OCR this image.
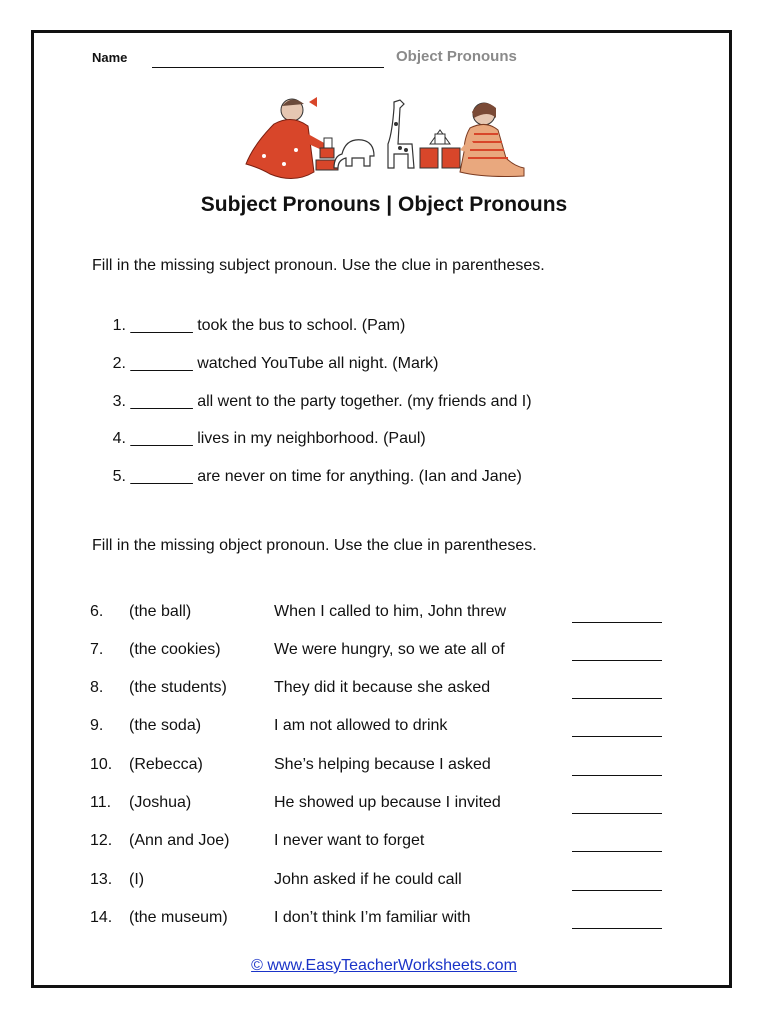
Name	Object Pronouns
Subject Pronouns | Object Pronouns
Fill in the missing subject pronoun. Use the clue in parentheses.
1. _______ took the bus to school. (Pam)
2. _______ watched YouTube all night. (Mark)
3. _______ all went to the party together. (my friends and I)
4. _______ lives in my neighborhood. (Paul)
5. _______ are never on time for anything. (Ian and Jane)
Fill in the missing object pronoun. Use the clue in parentheses.
6. (the ball)	When I called to him, John threw
7. (the cookies)	We were hungry, so we ate all of
8. (the students)	They did it because she asked
9. (the soda)	I am not allowed to drink
10. (Rebecca)	She’s helping because I asked
11. (Joshua)	He showed up because I invited
12. (Ann and Joe)	I never want to forget
13. (I)	John asked if he could call
14. (the museum)	I don’t think I’m familiar with
© www.EasyTeacherWorksheets.com
